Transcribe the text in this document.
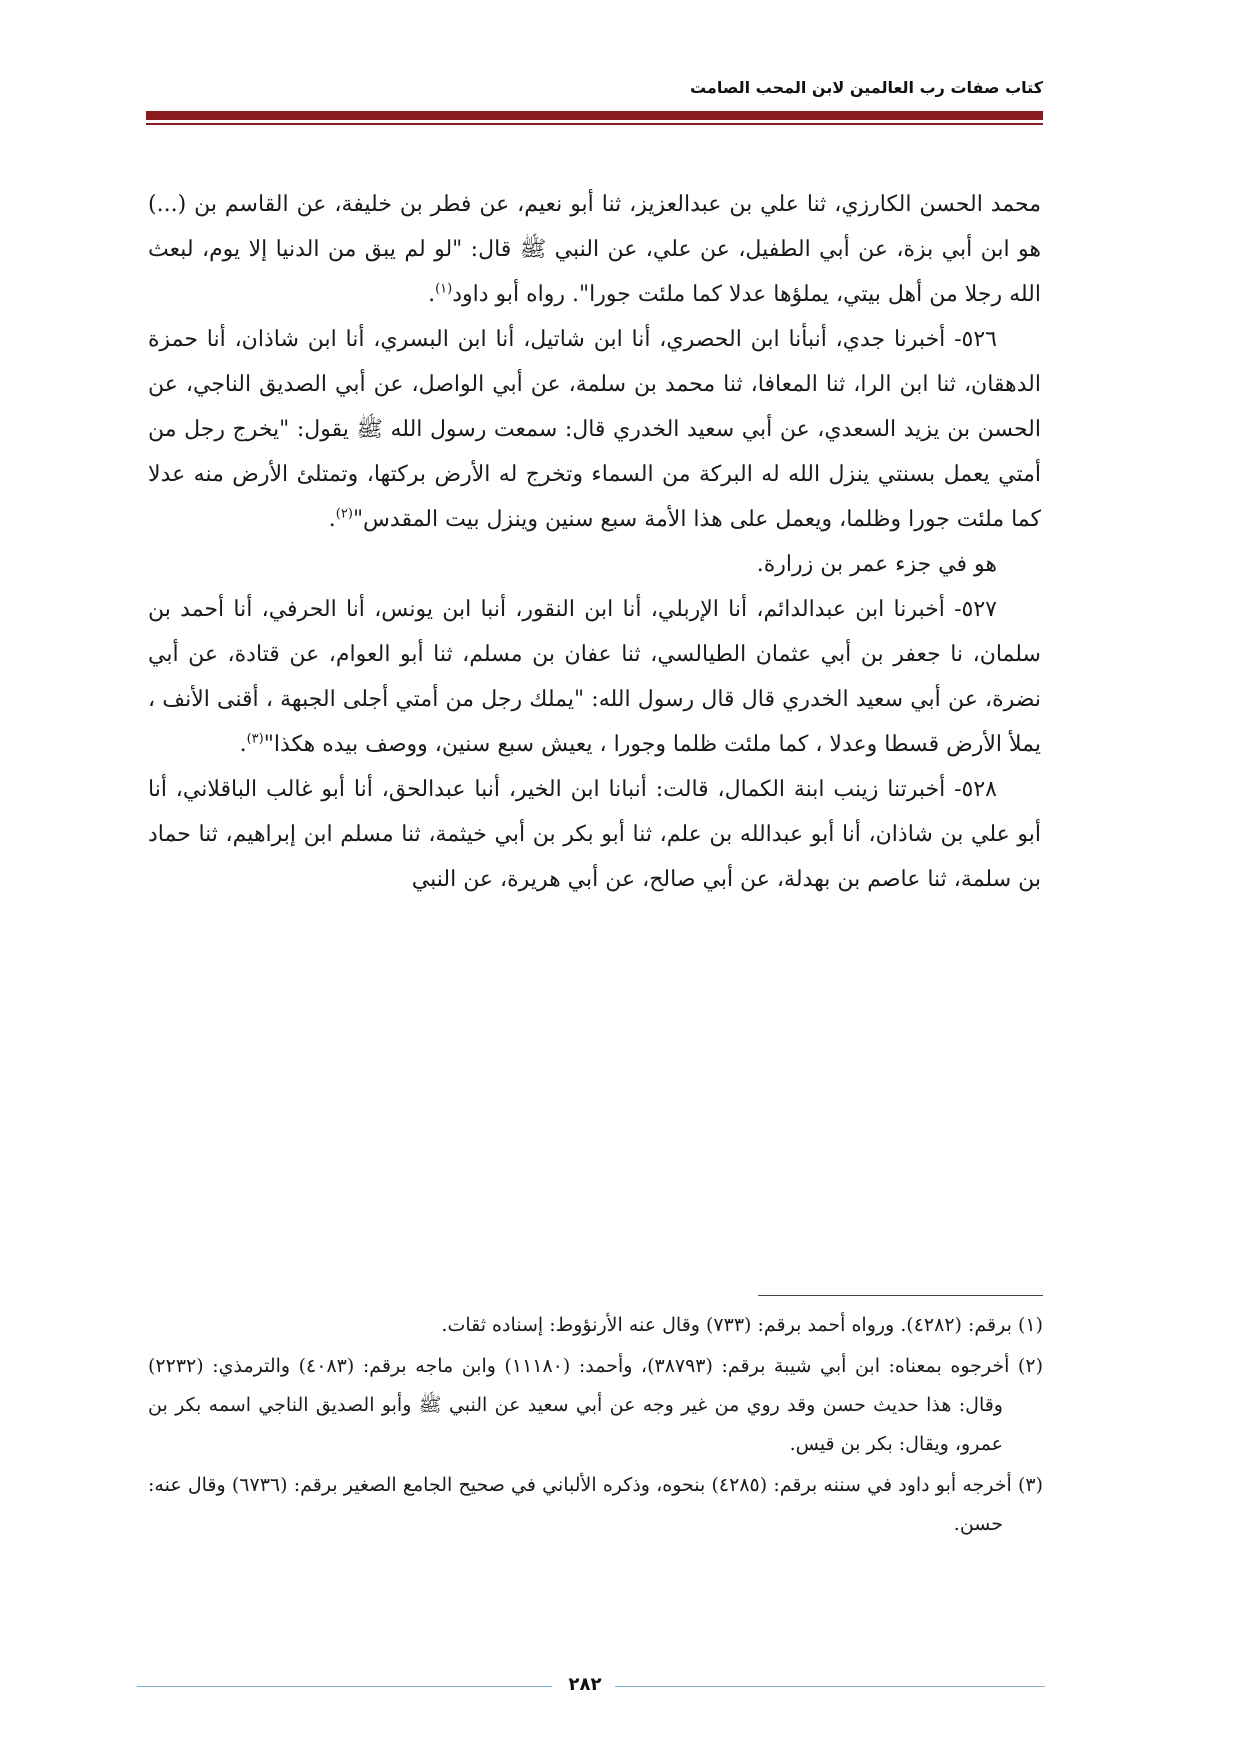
كتاب صفات رب العالمين لابن المحب الصامت

محمد الحسن الكارزي، ثنا علي بن عبدالعزيز، ثنا أبو نعيم، عن فطر بن خليفة، عن القاسم بن (...) هو ابن أبي بزة، عن أبي الطفيل، عن علي، عن النبي ﷺ قال: "لو لم يبق من الدنيا إلا يوم، لبعث الله رجلا من أهل بيتي، يملؤها عدلا كما ملئت جورا". رواه أبو داود$^{(١)}$.

٥٢٦- أخبرنا جدي، أنبأنا ابن الحصري، أنا ابن شاتيل، أنا ابن البسري، أنا ابن شاذان، أنا حمزة الدهقان، ثنا ابن الرا، ثنا المعافا، ثنا محمد بن سلمة، عن أبي الواصل، عن أبي الصديق الناجي، عن الحسن بن يزيد السعدي، عن أبي سعيد الخدري قال: سمعت رسول الله ﷺ يقول: "يخرج رجل من أمتي يعمل بسنتي ينزل الله له البركة من السماء وتخرج له الأرض بركتها، وتمتلئ الأرض منه عدلا كما ملئت جورا وظلما، ويعمل على هذا الأمة سبع سنين وينزل بيت المقدس"$^{(٢)}$.

هو في جزء عمر بن زرارة.

٥٢٧- أخبرنا ابن عبدالدائم، أنا الإربلي، أنا ابن النقور، أنبا ابن يونس، أنا الحرفي، أنا أحمد بن سلمان، نا جعفر بن أبي عثمان الطيالسي، ثنا عفان بن مسلم، ثنا أبو العوام، عن قتادة، عن أبي نضرة، عن أبي سعيد الخدري قال قال رسول الله: "يملك رجل من أمتي أجلى الجبهة ، أقنى الأنف ، يملأ الأرض قسطا وعدلا ، كما ملئت ظلما وجورا ، يعيش سبع سنين، ووصف بيده هكذا"$^{(٣)}$.

٥٢٨- أخبرتنا زينب ابنة الكمال، قالت: أنبانا ابن الخير، أنبا عبدالحق، أنا أبو غالب الباقلاني، أنا أبو علي بن شاذان، أنا أبو عبدالله بن علم، ثنا أبو بكر بن أبي خيثمة، ثنا مسلم ابن إبراهيم، ثنا حماد بن سلمة، ثنا عاصم بن بهدلة، عن أبي صالح، عن أبي هريرة، عن النبي

(١) برقم: (٤٢٨٢). ورواه أحمد برقم: (٧٣٣) وقال عنه الأرنؤوط: إسناده ثقات.

(٢) أخرجوه بمعناه: ابن أبي شيبة برقم: (٣٨٧٩٣)، وأحمد: (١١١٨٠) وابن ماجه برقم: (٤٠٨٣) والترمذي: (٢٢٣٢) وقال: هذا حديث حسن وقد روي من غير وجه عن أبي سعيد عن النبي ﷺ وأبو الصديق الناجي اسمه بكر بن عمرو، ويقال: بكر بن قيس.

(٣) أخرجه أبو داود في سننه برقم: (٤٢٨٥) بنحوه، وذكره الألباني في صحيح الجامع الصغير برقم: (٦٧٣٦) وقال عنه: حسن.

٢٨٢
